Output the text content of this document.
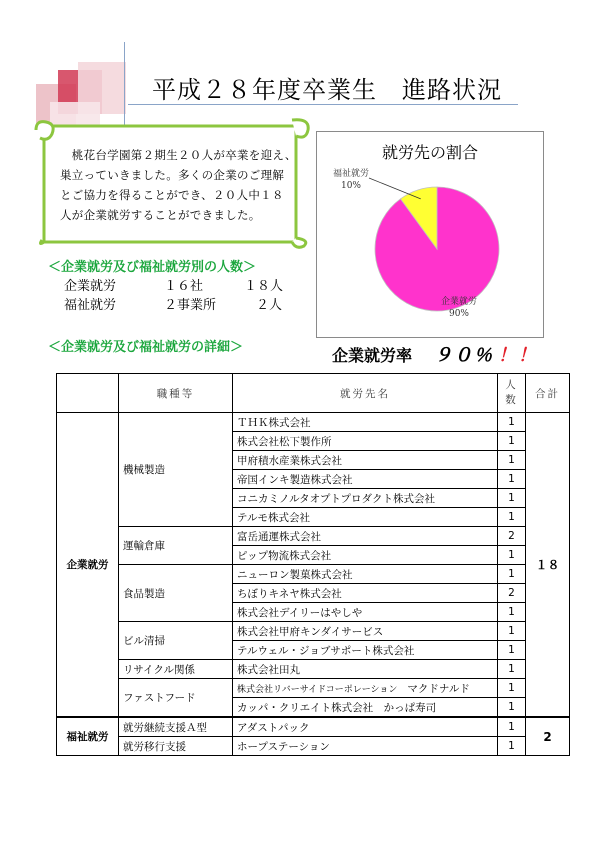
平成２８年度卒業生　進路状況
　桃花台学園第２期生２０人が卒業を迎え、
巣立っていきました。多くの企業のご理解
とご協力を得ることができ、２０人中１８
人が企業就労することができました。
＜企業就労及び福祉就労別の人数＞
企業就労	１６社	１８人
福祉就労	２事業所	２人
＜企業就労及び福祉就労の詳細＞
就労先の割合
企業就労
90%
福祉就労
10%
企業就労率 ９０％ ！！
	職種等	就労先名	人
数	合計
企業就労	機械製造	ＴＨＫ株式会社	1	１８
		株式会社松下製作所	1	
		甲府積水産業株式会社	1	
		帝国インキ製造株式会社	1	
		コニカミノルタオプトプロダクト株式会社	1	
		テルモ株式会社	1	
	運輸倉庫	富岳通運株式会社	2	
		ピップ物流株式会社	1	
	食品製造	ニューロン製菓株式会社	1	
		ちぼりキネヤ株式会社	2	
		株式会社デイリーはやしや	1	
	ビル清掃	株式会社甲府キンダイサービス	1	
		テルウェル・ジョブサポート株式会社	1	
	リサイクル関係	株式会社田丸	1	
	ファストフード	株式会社リバーサイドコーポレーション マクドナルド	1	
		カッパ・クリエイト株式会社　かっぱ寿司	1	
福祉就労	就労継続支援Ａ型	アダストパック	1	2
	就労移行支援	ホープステーション	1	
